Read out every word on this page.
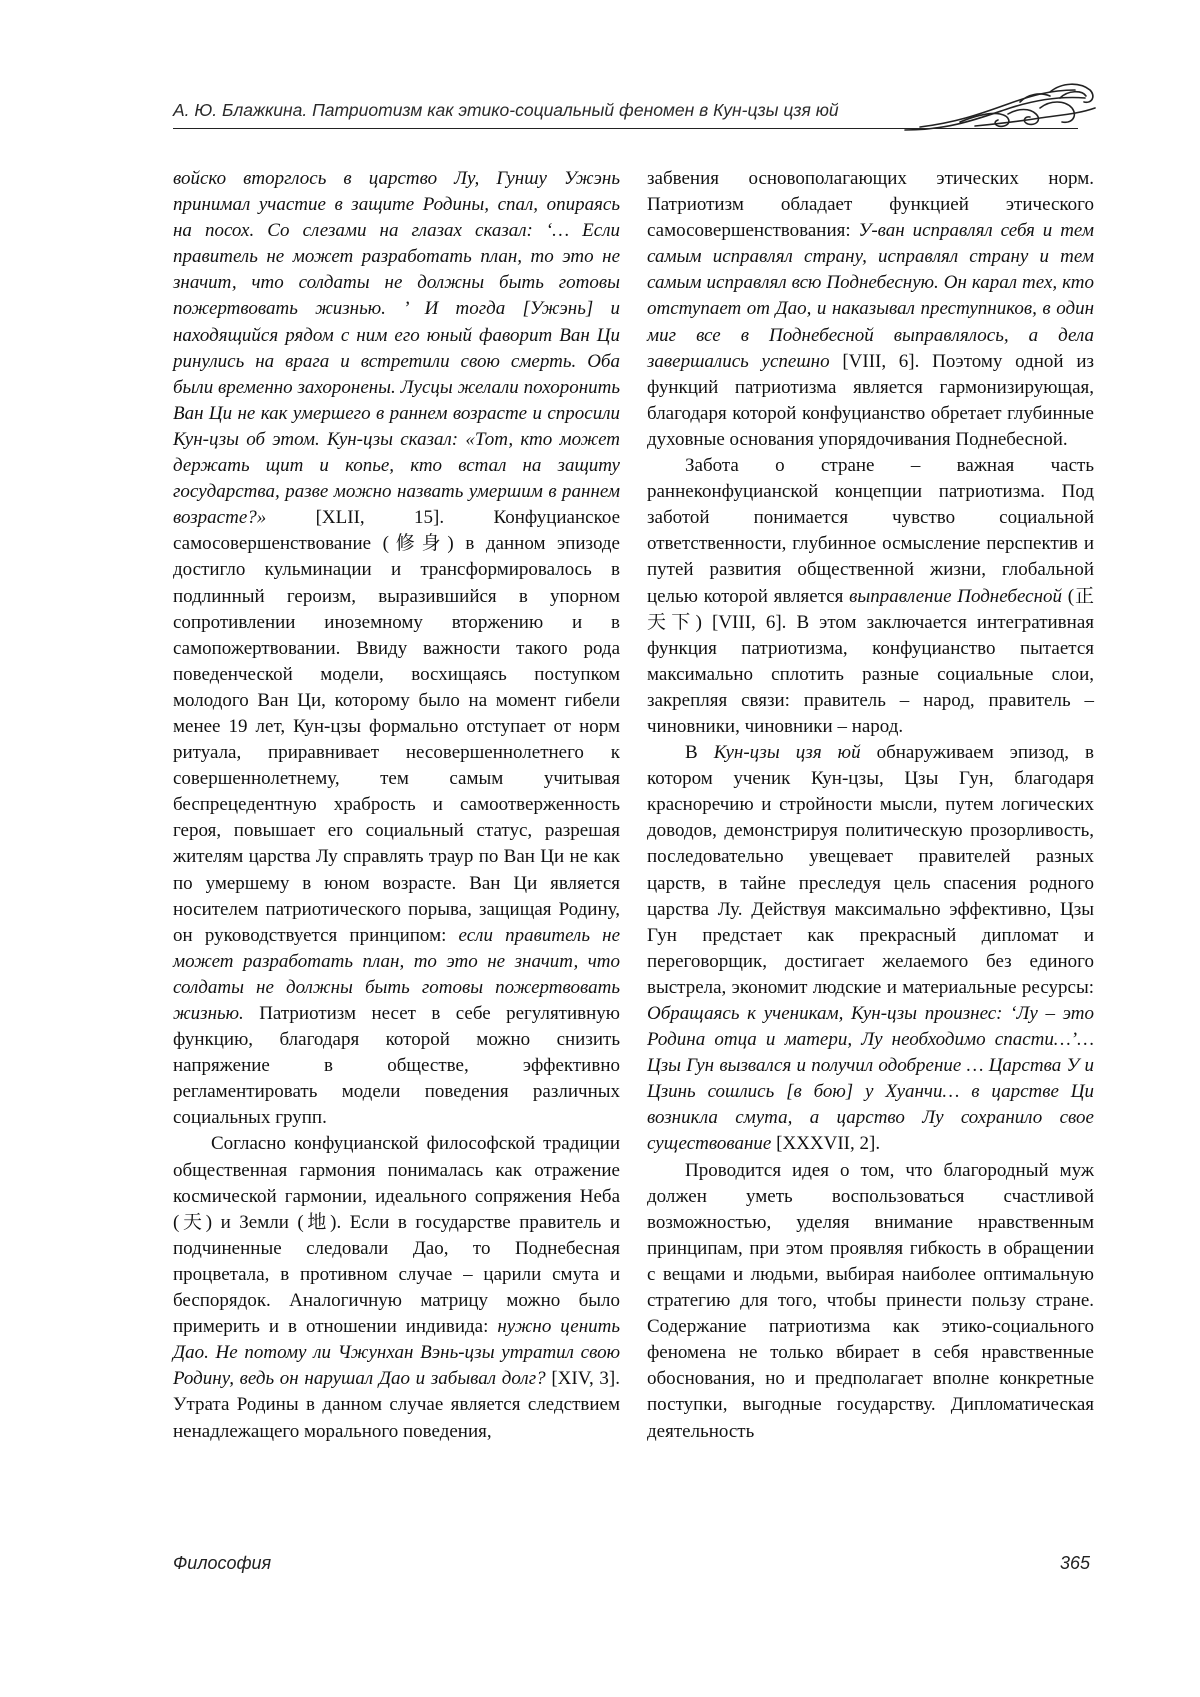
А. Ю. Блажкина. Патриотизм как этико-социальный феномен в Кун-цзы цзя юй

войско вторглось в царство Лу, Гуншу Ужэнь принимал участие в защите Родины, спал, опираясь на посох. Со слезами на глазах сказал: ‘… Если правитель не может разработать план, то это не значит, что солдаты не должны быть готовы пожертвовать жизнью. ’ И тогда [Ужэнь] и находящийся рядом с ним его юный фаворит Ван Ци ринулись на врага и встретили свою смерть. Оба были временно захоронены. Лусцы желали похоронить Ван Ци не как умершего в раннем возрасте и спросили Кун-цзы об этом. Кун-цзы сказал: «Тот, кто может держать щит и копье, кто встал на защиту государства, разве можно назвать умершим в раннем возрасте?» [XLII, 15]. Конфуцианское самосовершенствование (修身) в данном эпизоде достигло кульминации и трансформировалось в подлинный героизм, выразившийся в упорном сопротивлении иноземному вторжению и в самопожертвовании. Ввиду важности такого рода поведенческой модели, восхищаясь поступком молодого Ван Ци, которому было на момент гибели менее 19 лет, Кун-цзы формально отступает от норм ритуала, приравнивает несовершеннолетнего к совершеннолетнему, тем самым учитывая беспрецедентную храбрость и самоотверженность героя, повышает его социальный статус, разрешая жителям царства Лу справлять траур по Ван Ци не как по умершему в юном возрасте. Ван Ци является носителем патриотического порыва, защищая Родину, он руководствуется принципом: если правитель не может разработать план, то это не значит, что солдаты не должны быть готовы пожертвовать жизнью. Патриотизм несет в себе регулятивную функцию, благодаря которой можно снизить напряжение в обществе, эффективно регламентировать модели поведения различных социальных групп.

Согласно конфуцианской философской традиции общественная гармония понималась как отражение космической гармонии, идеального сопряжения Неба (天) и Земли (地). Если в государстве правитель и подчиненные следовали Дао, то Поднебесная процветала, в противном случае – царили смута и беспорядок. Аналогичную матрицу можно было примерить и в отношении индивида: нужно ценить Дао. Не потому ли Чжунхан Вэнь-цзы утратил свою Родину, ведь он нарушал Дао и забывал долг? [XIV, 3]. Утрата Родины в данном случае является следствием ненадлежащего морального поведения,

забвения основополагающих этических норм. Патриотизм обладает функцией этического самосовершенствования: У-ван исправлял себя и тем самым исправлял страну, исправлял страну и тем самым исправлял всю Поднебесную. Он карал тех, кто отступает от Дао, и наказывал преступников, в один миг все в Поднебесной выправлялось, а дела завершались успешно [VIII, 6]. Поэтому одной из функций патриотизма является гармонизирующая, благодаря которой конфуцианство обретает глубинные духовные основания упорядочивания Поднебесной.

Забота о стране – важная часть раннеконфуцианской концепции патриотизма. Под заботой понимается чувство социальной ответственности, глубинное осмысление перспектив и путей развития общественной жизни, глобальной целью которой является выправление Поднебесной (正天下) [VIII, 6]. В этом заключается интегративная функция патриотизма, конфуцианство пытается максимально сплотить разные социальные слои, закрепляя связи: правитель – народ, правитель – чиновники, чиновники – народ.

В Кун-цзы цзя юй обнаруживаем эпизод, в котором ученик Кун-цзы, Цзы Гун, благодаря красноречию и стройности мысли, путем логических доводов, демонстрируя политическую прозорливость, последовательно увещевает правителей разных царств, в тайне преследуя цель спасения родного царства Лу. Действуя максимально эффективно, Цзы Гун предстает как прекрасный дипломат и переговорщик, достигает желаемого без единого выстрела, экономит людские и материальные ресурсы: Обращаясь к ученикам, Кун-цзы произнес: ‘Лу – это Родина отца и матери, Лу необходимо спасти…’…Цзы Гун вызвался и получил одобрение … Царства У и Цзинь сошлись [в бою] у Хуанчи… в царстве Ци возникла смута, а царство Лу сохранило свое существование [XXXVII, 2].

Проводится идея о том, что благородный муж должен уметь воспользоваться счастливой возможностью, уделяя внимание нравственным принципам, при этом проявляя гибкость в обращении с вещами и людьми, выбирая наиболее оптимальную стратегию для того, чтобы принести пользу стране. Содержание патриотизма как этико-социального феномена не только вбирает в себя нравственные обоснования, но и предполагает вполне конкретные поступки, выгодные государству. Дипломатическая деятельность

Философия	365
